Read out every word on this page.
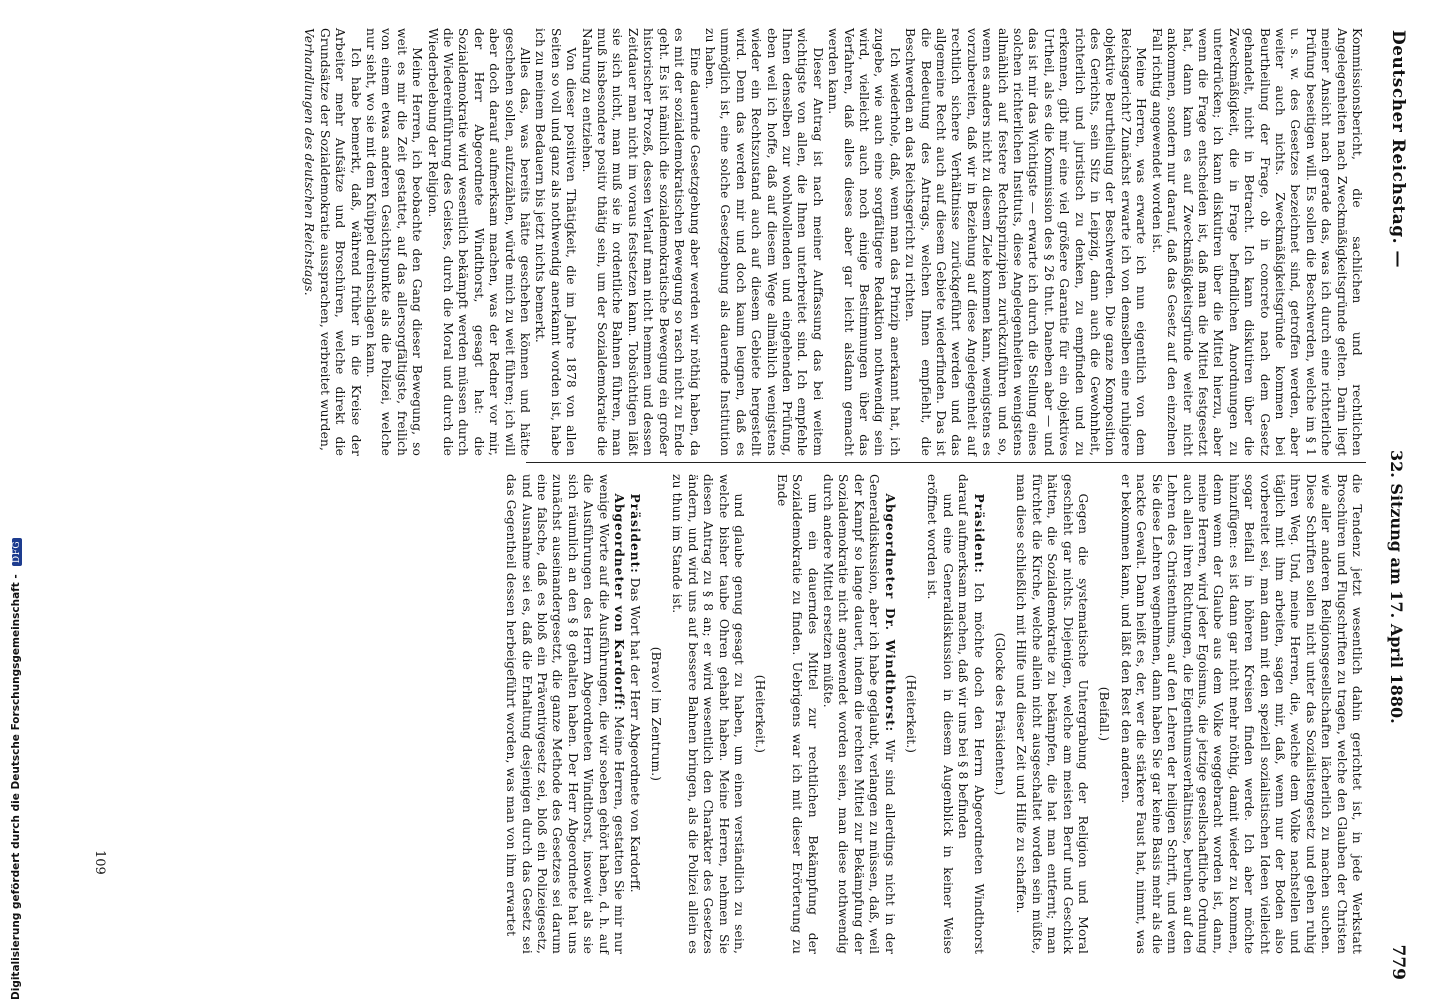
Deutscher Reichstag. —
32. Sitzung am 17. April 1880.
779

Kommissionsbericht, die sachlichen und rechtlichen Angelegenheiten nach Zweckmäßigkeitsgründe gelten. Darin liegt meiner Ansicht nach gerade das, was ich durch eine richterliche Prüfung beseitigen will. Es sollen die Beschwerden, welche im § 1 u. s. w. des Gesetzes bezeichnet sind, getroffen werden, aber weiter auch nichts. Zweckmäßigkeitsgründe kommen bei Beurtheilung der Frage, ob in concreto nach dem Gesetz gehandelt, nicht in Betracht. Ich kann diskutiren über die Zweckmäßigkeit, die in Frage befindlichen Anordnungen zu unterdrücken; ich kann diskutiren über die Mittel hierzu, aber wenn die Frage entscheiden ist, daß man die Mittel festgesetzt hat, dann kann es auf Zweckmäßigkeitsgründe weiter nicht ankommen, sondern nur darauf, daß das Gesetz auf den einzelnen Fall richtig angewendet worden ist.

Meine Herren, was erwarte ich nun eigentlich von dem Reichsgericht? Zunächst erwarte ich von demselben eine ruhigere objektive Beurtheilung der Beschwerden. Die ganze Komposition des Gerichts, sein Sitz in Leipzig, dann auch die Gewohnheit, richterlich und juristisch zu denken, zu empfinden und zu erkennen, gibt mir eine viel größere Garantie für ein objektives Urtheil, als es die Kommission des § 26 thut. Daneben aber — und das ist mir das Wichtigste — erwarte ich durch die Stellung eines solchen richterlichen Instituts, diese Angelegenheiten wenigstens allmählich auf festere Rechtsprinzipien zurückzuführen und so, wenn es anders nicht zu diesem Ziele kommen kann, wenigstens es vorzubereiten, daß wir in Beziehung auf diese Angelegenheit auf rechtlich sichere Verhältnisse zurückgeführt werden und das allgemeine Recht auch auf diesem Gebiete wiederfinden. Das ist die Bedeutung des Antrags, welchen Ihnen empfiehlt, die Beschwerden an das Reichsgericht zu richten.

Ich wiederhole, daß, wenn man das Prinzip anerkannt hat, ich zugebe, wie auch eine sorgfältigere Redaktion nothwendig sein wird, vielleicht auch noch einige Bestimmungen über das Verfahren, daß alles dieses aber gar leicht alsdann gemacht werden kann.

Dieser Antrag ist nach meiner Auffassung das bei weitem wichtigste von allen, die Ihnen unterbreitet sind. Ich empfehle Ihnen denselben zur wohlwollenden und eingehenden Prüfung, eben weil ich hoffe, daß auf diesem Wege allmählich wenigstens wieder ein Rechtszustand auch auf diesem Gebiete hergestellt wird. Denn das werden mir und doch kaum leugnen, daß es unmöglich ist, eine solche Gesetzgebung als dauernde Institution zu haben.

Eine dauernde Gesetzgebung aber werden wir nöthig haben, da es mit der sozialdemokratischen Bewegung so rasch nicht zu Ende geht. Es ist nämlich die sozialdemokratische Bewegung ein großer historischer Prozeß, dessen Verlauf man nicht hemmen und dessen Zeitdauer man nicht im voraus festsetzen kann. Tobsüchtigen läßt sie sich nicht, man muß sie in ordentliche Bahnen führen, man muß insbesondere positiv thätig sein, um der Sozialdemokratie die Nahrung zu entziehen.

Von dieser positiven Thätigkeit, die im Jahre 1878 von allen Seiten so voll und ganz als nothwendig anerkannt worden ist, habe ich zu meinem Bedauern bis jetzt nichts bemerkt.

Alles das, was bereits hätte geschehen können und hätte geschehen sollen, aufzuzählen, würde mich zu weit führen; ich will aber doch darauf aufmerksam machen, was der Redner vor mir, der Herr Abgeordnete Windthorst, gesagt hat: die Sozialdemokratie wird wesentlich bekämpft werden müssen durch die Wiedereinführung des Geistes, durch die Moral und durch die Wiederbelebung der Religion.

Meine Herren, ich beobachte den Gang dieser Bewegung, so weit es mir die Zeit gestattet, auf das allersorgfältigste, freilich von einem etwas anderen Gesichtspunkte als die Polizei, welche nur sieht, wo sie mit dem Knüppel dreinschlagen kann.

Ich habe bemerkt, daß, während früher in die Kreise der Arbeiter mehr Aufsätze und Broschüren, welche direkt die Grundsätze der Sozialdemokratie aussprachen, verbreitet wurden,

Verhandlungen des deutschen Reichstags.

die Tendenz jetzt wesentlich dahin gerichtet ist, in jede Werkstatt Broschüren und Flugschriften zu tragen, welche den Glauben der Christen wie aller anderen Religionsgesellschaften lächerlich zu machen suchen. Diese Schriften sollen nicht unter das Sozialistengesetz und gehen ruhig ihren Weg. Und, meine Herren, die, welche dem Volke nachstellen und täglich mit ihm arbeiten, sagen mir, daß, wenn nur der Boden also vorbereitet sei, man dann mit den speziell sozialistischen Ideen vielleicht sogar Beifall in höheren Kreisen finden werde. Ich aber möchte hinzufügen: es ist dann gar nicht mehr nöthig, damit wieder zu kommen, denn wenn der Glaube aus dem Volke weggebracht worden ist, dann, meine Herren, wird jeder Egoismus, die jetzige gesellschaftliche Ordnung auch allen ihren Richtungen, die Eigenthumsverhältnisse, beruhen auf den Lehren des Christenthums, auf den Lehren der heiligen Schrift, und wenn Sie diese Lehren wegnehmen, dann haben Sie gar keine Basis mehr als die nackte Gewalt. Dann heißt es, der, wer die stärkere Faust hat, nimmt, was er bekommen kann, und läßt den Rest den anderen.

(Beifall.)

Gegen die systematische Untergrabung der Religion und Moral geschieht gar nichts. Diejenigen, welche am meisten Beruf und Geschick hätten, die Sozialdemokratie zu bekämpfen, die hat man entfernt; man fürchtet die Kirche, welche allein nicht ausgeschaltet worden sein müßte, man diese schließlich mit Hilfe und dieser Zeit und Hilfe zu schaffen.

(Glocke des Präsidenten.)

Präsident: Ich möchte doch den Herrn Abgeordneten Windthorst darauf aufmerksam machen, daß wir uns bei § 8 befinden

und eine Generaldiskussion in diesem Augenblick in keiner Weise eröffnet worden ist.

(Heiterkeit.)

Abgeordneter Dr. Windthorst: Wir sind allerdings nicht in der Generaldiskussion, aber ich habe geglaubt, verlangen zu müssen, daß, weil der Kampf so lange dauert, indem die rechten Mittel zur Bekämpfung der Sozialdemokratie nicht angewendet worden seien, man diese nothwendig durch andere Mittel ersetzen müßte.

um ein dauerndes Mittel zur rechtlichen Bekämpfung der Sozialdemokratie zu finden. Uebrigens war ich mit dieser Erörterung zu Ende

(Heiterkeit.)

und glaube genug gesagt zu haben, um einen verständlich zu sein, welche bisher taube Ohren gehabt haben. Meine Herren, nehmen Sie diesen Antrag zu § 8 an; er wird wesentlich den Charakter des Gesetzes ändern, und wird uns auf bessere Bahnen bringen, als die Polizei allein es zu thun im Stande ist.

(Bravo! im Zentrum.)

Präsident: Das Wort hat der Herr Abgeordnete von Kardorff.

Abgeordneter von Kardorff: Meine Herren, gestatten Sie mir nur wenige Worte auf die Ausführungen, die wir soeben gehört haben, d. h. auf die Ausführungen des Herrn Abgeordneten Windthorst, insoweit als sie sich räumlich an den § 8 gehalten haben. Der Herr Abgeordnete hat uns zunächst auseinandergesetzt, die ganze Methode des Gesetzes sei darum eine falsche, daß es bloß ein Präventivgesetz sei, bloß ein Polizeigesetz, und Ausnahme sei es, daß die Erhaltung desjenigen durch das Gesetz sei das Gegentheil dessen herbeigeführt worden, was man von ihm erwartet

109
Digitalisierung gefördert durch die Deutsche Forschungsgemeinschaft - DFG
